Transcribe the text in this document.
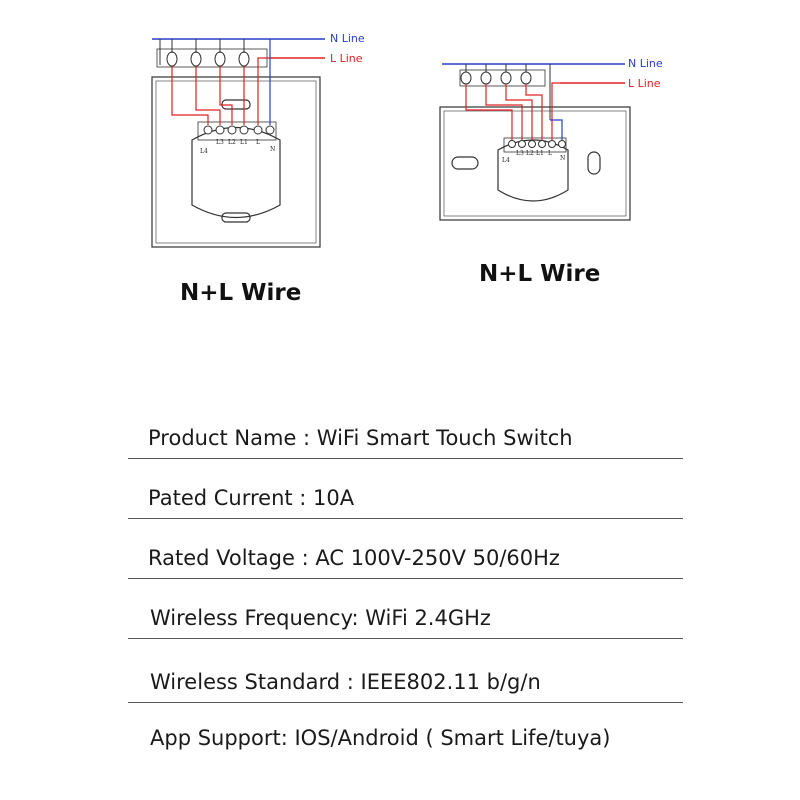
N Line
L Line
L4
L3 L2 L1 L
N
N Line
L Line
L4
L3 L2 L1 L
N
N+L Wire
N+L Wire
Product Name : WiFi Smart Touch Switch
Pated Current : 10A
Rated Voltage : AC 100V-250V 50/60Hz
Wireless Frequency: WiFi 2.4GHz
Wireless Standard : IEEE802.11 b/g/n
App Support: IOS/Android ( Smart Life/tuya)
